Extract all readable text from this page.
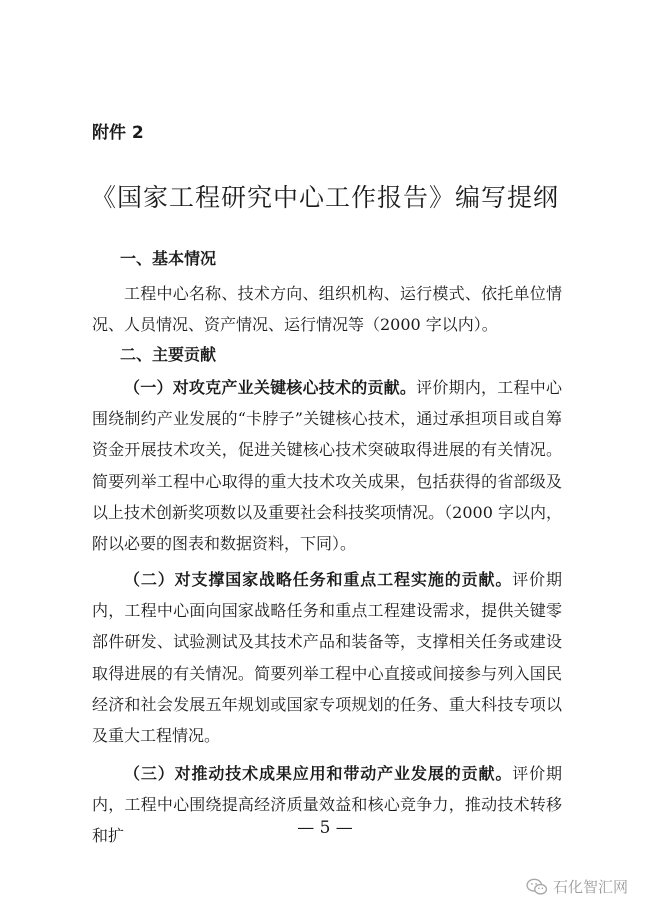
附件 2
《国家工程研究中心工作报告》编写提纲
一、基本情况

工程中心名称、技术方向、组织机构、运行模式、依托单位情况、人员情况、资产情况、运行情况等（2000 字以内）。

二、主要贡献

（一）对攻克产业关键核心技术的贡献。评价期内，工程中心围绕制约产业发展的“卡脖子”关键核心技术，通过承担项目或自筹资金开展技术攻关，促进关键核心技术突破取得进展的有关情况。简要列举工程中心取得的重大技术攻关成果，包括获得的省部级及以上技术创新奖项数以及重要社会科技奖项情况。（2000 字以内，附以必要的图表和数据资料，下同）。

（二）对支撑国家战略任务和重点工程实施的贡献。评价期内，工程中心面向国家战略任务和重点工程建设需求，提供关键零部件研发、试验测试及其技术产品和装备等，支撑相关任务或建设取得进展的有关情况。简要列举工程中心直接或间接参与列入国民经济和社会发展五年规划或国家专项规划的任务、重大科技专项以及重大工程情况。

（三）对推动技术成果应用和带动产业发展的贡献。评价期内，工程中心围绕提高经济质量效益和核心竞争力，推动技术转移和扩	— 5 —
石化智汇网
